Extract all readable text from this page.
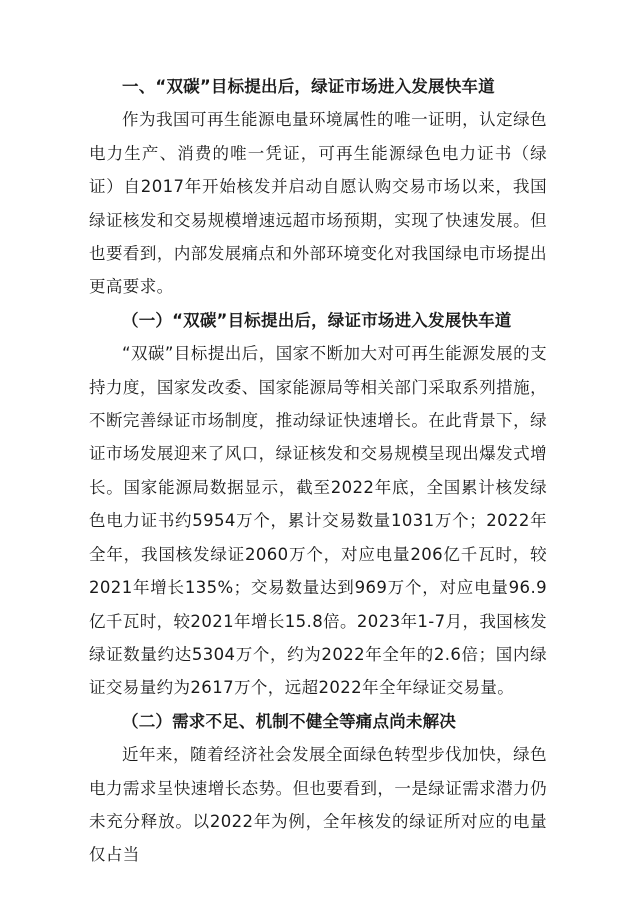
一、“双碳”目标提出后，绿证市场进入发展快车道

作为我国可再生能源电量环境属性的唯一证明，认定绿色电力生产、消费的唯一凭证，可再生能源绿色电力证书（绿证）自2017年开始核发并启动自愿认购交易市场以来，我国绿证核发和交易规模增速远超市场预期，实现了快速发展。但也要看到，内部发展痛点和外部环境变化对我国绿电市场提出更高要求。

（一）“双碳”目标提出后，绿证市场进入发展快车道

“双碳”目标提出后，国家不断加大对可再生能源发展的支持力度，国家发改委、国家能源局等相关部门采取系列措施，不断完善绿证市场制度，推动绿证快速增长。在此背景下，绿证市场发展迎来了风口，绿证核发和交易规模呈现出爆发式增长。国家能源局数据显示，截至2022年底，全国累计核发绿色电力证书约5954万个，累计交易数量1031万个；2022年全年，我国核发绿证2060万个，对应电量206亿千瓦时，较2021年增长135%；交易数量达到969万个，对应电量96.9亿千瓦时，较2021年增长15.8倍。2023年1-7月，我国核发绿证数量约达5304万个，约为2022年全年的2.6倍；国内绿证交易量约为2617万个，远超2022年全年绿证交易量。

（二）需求不足、机制不健全等痛点尚未解决

近年来，随着经济社会发展全面绿色转型步伐加快，绿色电力需求呈快速增长态势。但也要看到，一是绿证需求潜力仍未充分释放。以2022年为例，全年核发的绿证所对应的电量仅占当
